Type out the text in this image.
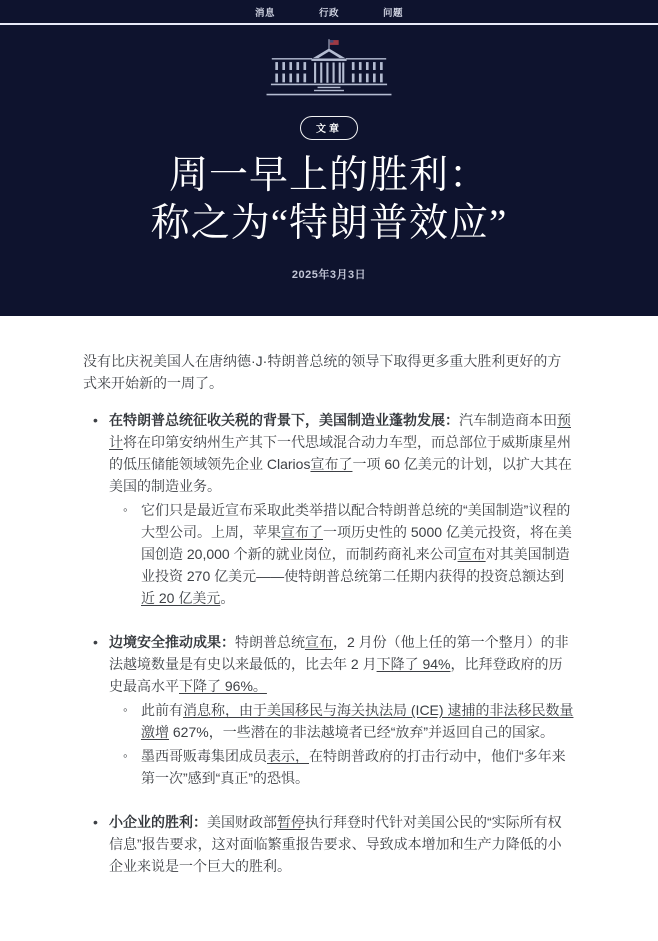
消息	行政	问题
文章
周一早上的胜利：
称之为“特朗普效应”
2025年3月3日

没有比庆祝美国人在唐纳德·J·特朗普总统的领导下取得更多重大胜利更好的方式来开始新的一周了。

• 在特朗普总统征收关税的背景下，美国制造业蓬勃发展：汽车制造商本田预计将在印第安纳州生产其下一代思域混合动力车型，而总部位于威斯康星州的低压储能领域领先企业 Clarios宣布了一项 60 亿美元的计划，以扩大其在美国的制造业务。
◦ 它们只是最近宣布采取此类举措以配合特朗普总统的“美国制造”议程的大型公司。上周，苹果宣布了一项历史性的 5000 亿美元投资，将在美国创造 20,000 个新的就业岗位，而制药商礼来公司宣布对其美国制造业投资 270 亿美元——使特朗普总统第二任期内获得的投资总额达到近 20 亿美元。
• 边境安全推动成果：特朗普总统宣布，2 月份（他上任的第一个整月）的非法越境数量是有史以来最低的，比去年 2 月下降了 94%，比拜登政府的历史最高水平下降了 96%。
◦ 此前有消息称，由于美国移民与海关执法局 (ICE) 逮捕的非法移民数量激增 627%，一些潜在的非法越境者已经“放弃”并返回自己的国家。
◦ 墨西哥贩毒集团成员表示，在特朗普政府的打击行动中，他们“多年来第一次”感到“真正”的恐惧。
• 小企业的胜利：美国财政部暂停执行拜登时代针对美国公民的“实际所有权信息”报告要求，这对面临繁重报告要求、导致成本增加和生产力降低的小企业来说是一个巨大的胜利。
